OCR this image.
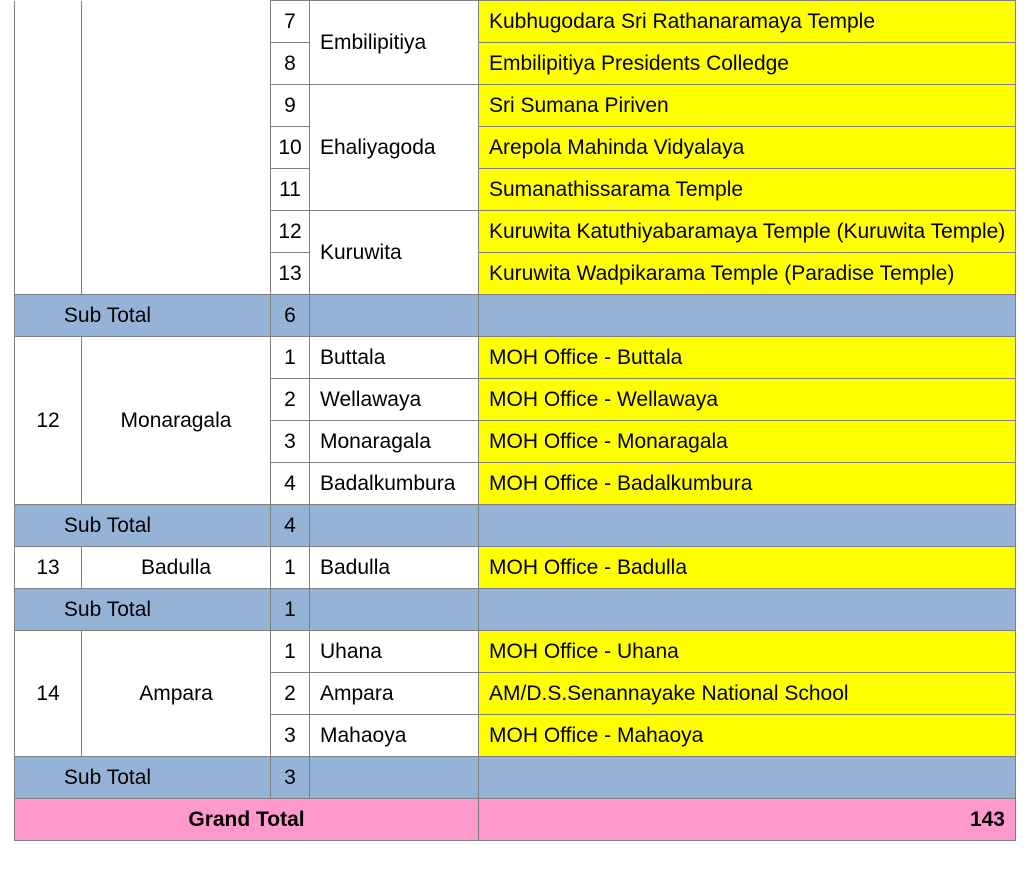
		7	Embilipitiya	Kubhugodara Sri Rathanaramaya Temple
		8		Embilipitiya Presidents Colledge
		9	Ehaliyagoda	Sri Sumana Piriven
		10		Arepola Mahinda Vidyalaya
		11		Sumanathissarama Temple
		12	Kuruwita	Kuruwita Katuthiyabaramaya Temple (Kuruwita Temple)
		13		Kuruwita Wadpikarama Temple (Paradise Temple)
Sub Total		6		
12	Monaragala	1	Buttala	MOH Office - Buttala
		2	Wellawaya	MOH Office - Wellawaya
		3	Monaragala	MOH Office - Monaragala
		4	Badalkumbura	MOH Office - Badalkumbura
Sub Total		4		
13	Badulla	1	Badulla	MOH Office - Badulla
Sub Total		1		
14	Ampara	1	Uhana	MOH Office - Uhana
		2	Ampara	AM/D.S.Senannayake National School
		3	Mahaoya	MOH Office - Mahaoya
Sub Total		3		
Grand Total				143
